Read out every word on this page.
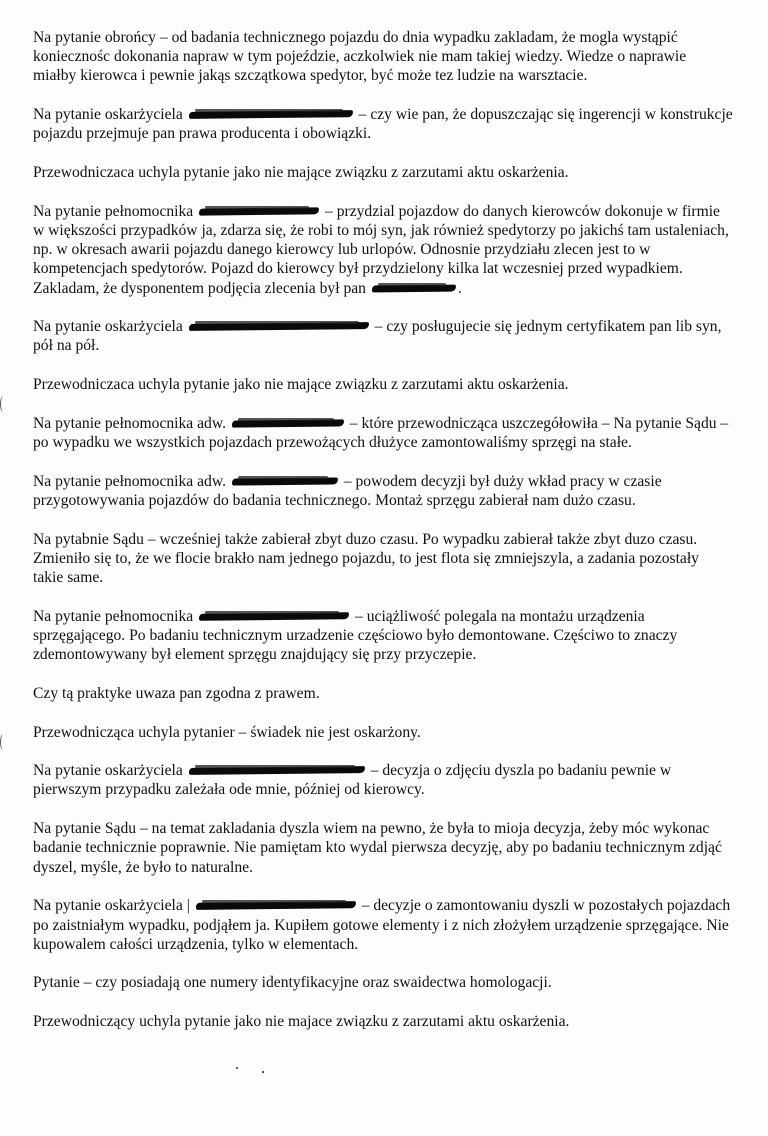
Na pytanie obrońcy – od badania technicznego pojazdu do dnia wypadku zakladam, że mogla wystąpić koniecznośc dokonania napraw w tym pojeździe, aczkolwiek nie mam takiej wiedzy. Wiedze o naprawie miałby kierowca i pewnie jakąs szczątkowa spedytor, być może tez ludzie na warsztacie.

Na pytanie oskarżyciela	– czy wie pan, że dopuszczając się ingerencji w konstrukcje pojazdu przejmuje pan prawa producenta i obowiązki.

Przewodniczaca uchyla pytanie jako nie mające związku z zarzutami aktu oskarżenia.

Na pytanie pełnomocnika	– przydzial pojazdow do danych kierowców dokonuje w firmie w większości przypadków ja, zdarza się, że robi to mój syn, jak również spedytorzy po jakichś tam ustaleniach, np. w okresach awarii pojazdu danego kierowcy lub urlopów. Odnosnie przydziału zlecen jest to w kompetencjach spedytorów. Pojazd do kierowcy był przydzielony kilka lat wczesniej przed wypadkiem. Zakladam, że dysponentem podjęcia zlecenia był pan	.

Na pytanie oskarżyciela	– czy posługujecie się jednym certyfikatem pan lib syn, pół na pół.

Przewodniczaca uchyla pytanie jako nie mające związku z zarzutami aktu oskarżenia.

Na pytanie pełnomocnika adw.	– które przewodnicząca uszczegółowiła – Na pytanie Sądu – po wypadku we wszystkich pojazdach przewożących dłużyce zamontowaliśmy sprzęgi na stałe.

Na pytanie pełnomocnika adw.	– powodem decyzji był duży wkład pracy w czasie przygotowywania pojazdów do badania technicznego. Montaż sprzęgu zabierał nam dużo czasu.

Na pytabnie Sądu – wcześniej także zabierał zbyt duzo czasu. Po wypadku zabierał także zbyt duzo czasu. Zmieniło się to, że we flocie brakło nam jednego pojazdu, to jest flota się zmniejszyla, a zadania pozostały takie same.

Na pytanie pełnomocnika	– uciążliwość polegala na montażu urządzenia sprzęgającego. Po badaniu technicznym urzadzenie częściowo było demontowane. Częściwo to znaczy zdemontowywany był element sprzęgu znajdujący się przy przyczepie.

Czy tą praktyke uwaza pan zgodna z prawem.

Przewodnicząca uchyla pytanier – świadek nie jest oskarżony.

Na pytanie oskarżyciela	– decyzja o zdjęciu dyszla po badaniu pewnie w pierwszym przypadku zależała ode mnie, później od kierowcy.

Na pytanie Sądu – na temat zakladania dyszla wiem na pewno, że była to mioja decyzja, żeby móc wykonac badanie technicznie poprawnie. Nie pamiętam kto wydal pierwsza decyzję, aby po badaniu technicznym zdjąć dyszel, myśle, że było to naturalne.

Na pytanie oskarżyciela |	– decyzje o zamontowaniu dyszli w pozostałych pojazdach po zaistniałym wypadku, podjąłem ja. Kupiłem gotowe elementy i z nich złożyłem urządzenie sprzęgające. Nie kupowalem całości urządzenia, tylko w elementach.

Pytanie – czy posiadają one numery identyfikacyjne oraz swaidectwa homologacji.

Przewodniczący uchyla pytanie jako nie majace związku z zarzutami aktu oskarżenia.
